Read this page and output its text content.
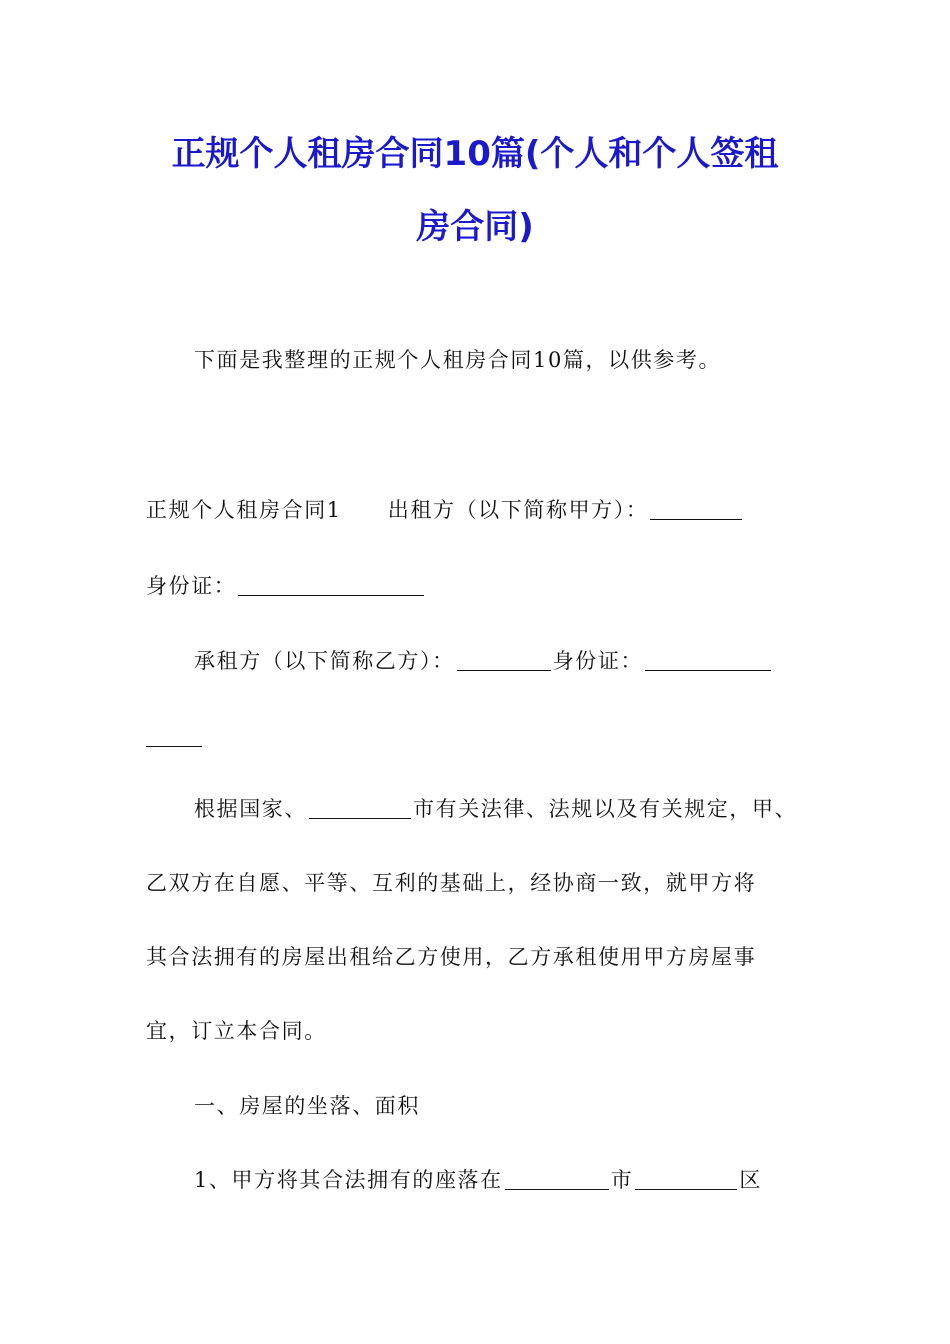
正规个人租房合同10篇(个人和个人签租
房合同)

下面是我整理的正规个人租房合同10篇，以供参考。

正规个人租房合同1 出租方（以下简称甲方）：

身份证：

承租方（以下简称乙方）：	身份证：

根据国家、	市有关法律、法规以及有关规定，甲、

乙双方在自愿、平等、互利的基础上，经协商一致，就甲方将

其合法拥有的房屋出租给乙方使用，乙方承租使用甲方房屋事

宜，订立本合同。

一、房屋的坐落、面积

1、甲方将其合法拥有的座落在	市	区
